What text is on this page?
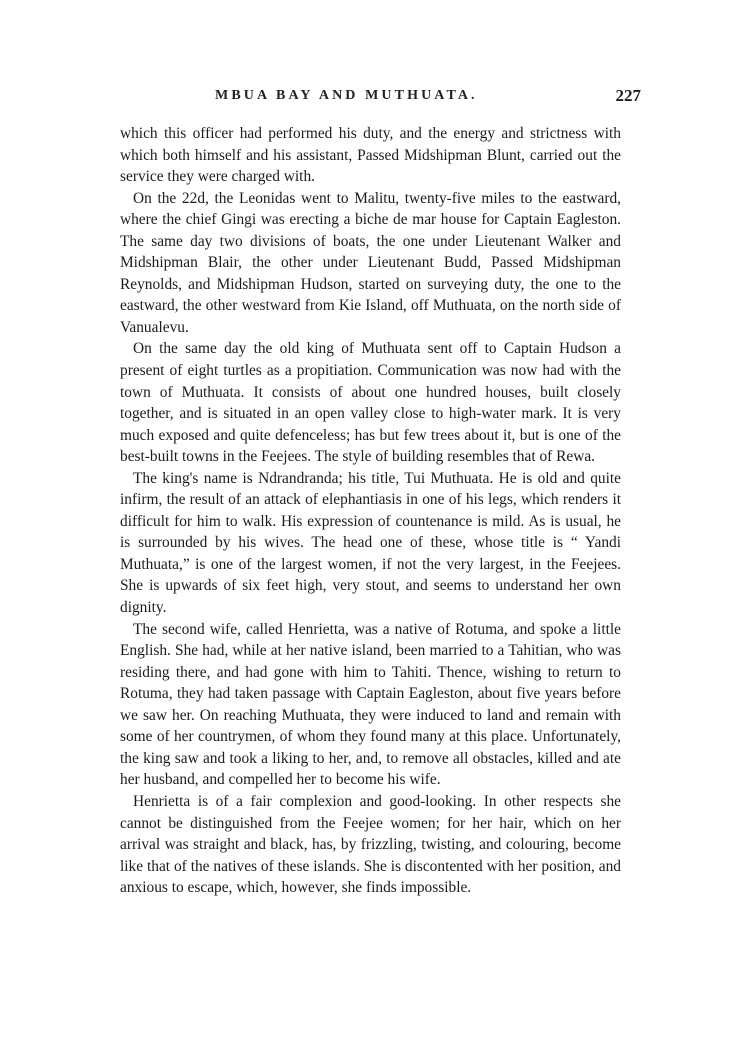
MBUA BAY AND MUTHUATA.	227

which this officer had performed his duty, and the energy and strictness with which both himself and his assistant, Passed Midshipman Blunt, carried out the service they were charged with.

On the 22d, the Leonidas went to Malitu, twenty-five miles to the eastward, where the chief Gingi was erecting a biche de mar house for Captain Eagleston. The same day two divisions of boats, the one under Lieutenant Walker and Midshipman Blair, the other under Lieutenant Budd, Passed Midshipman Reynolds, and Midshipman Hudson, started on surveying duty, the one to the eastward, the other westward from Kie Island, off Muthuata, on the north side of Vanualevu.

On the same day the old king of Muthuata sent off to Captain Hudson a present of eight turtles as a propitiation. Communication was now had with the town of Muthuata. It consists of about one hundred houses, built closely together, and is situated in an open valley close to high-water mark. It is very much exposed and quite defenceless; has but few trees about it, but is one of the best-built towns in the Feejees. The style of building resembles that of Rewa.

The king's name is Ndrandranda; his title, Tui Muthuata. He is old and quite infirm, the result of an attack of elephantiasis in one of his legs, which renders it difficult for him to walk. His expression of countenance is mild. As is usual, he is surrounded by his wives. The head one of these, whose title is “ Yandi Muthuata,” is one of the largest women, if not the very largest, in the Feejees. She is upwards of six feet high, very stout, and seems to understand her own dignity.

The second wife, called Henrietta, was a native of Rotuma, and spoke a little English. She had, while at her native island, been married to a Tahitian, who was residing there, and had gone with him to Tahiti. Thence, wishing to return to Rotuma, they had taken passage with Captain Eagleston, about five years before we saw her. On reaching Muthuata, they were induced to land and remain with some of her countrymen, of whom they found many at this place. Unfortunately, the king saw and took a liking to her, and, to remove all obstacles, killed and ate her husband, and compelled her to become his wife.

Henrietta is of a fair complexion and good-looking. In other respects she cannot be distinguished from the Feejee women; for her hair, which on her arrival was straight and black, has, by frizzling, twisting, and colouring, become like that of the natives of these islands. She is discontented with her position, and anxious to escape, which, however, she finds impossible.
